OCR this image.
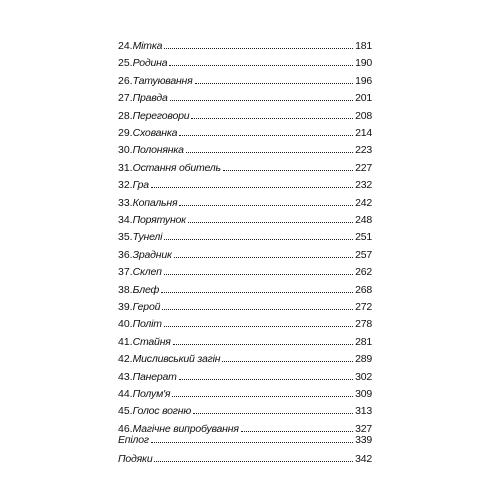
24. Мітка	181
25. Родина	190
26. Татуювання	196
27. Правда	201
28. Переговори	208
29. Схованка	214
30. Полонянка	223
31. Остання обитель	227
32. Гра	232
33. Копальня	242
34. Порятунок	248
35. Тунелі	251
36. Зрадник	257
37. Склеп	262
38. Блеф	268
39. Герой	272
40. Політ	278
41. Стайня	281
42. Мисливський загін	289
43. Панерат	302
44. Полум'я	309
45. Голос вогню	313
46. Магічне випробування	327
Епілог	339
Подяки	342
